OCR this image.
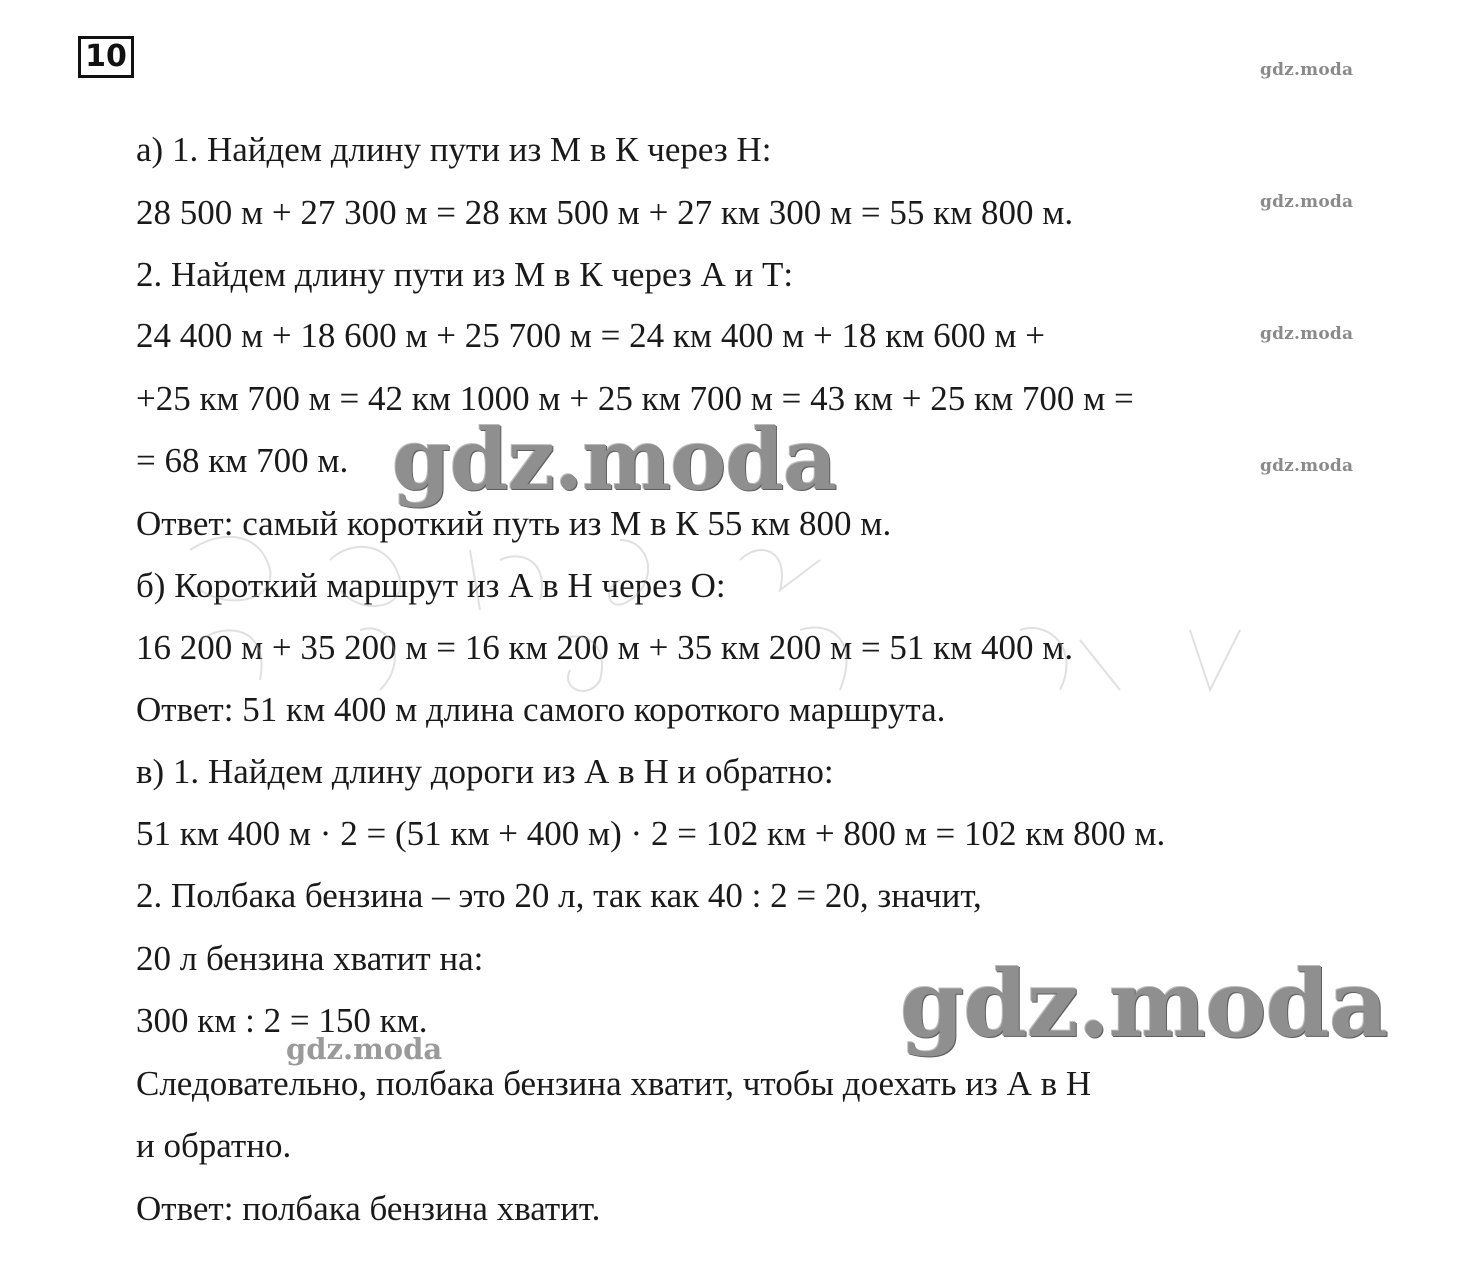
10	gdz.moda
gdz.moda
gdz.moda
gdz.moda
а) 1. Найдем длину пути из М в К через Н:
28 500 м + 27 300 м = 28 км 500 м + 27 км 300 м = 55 км 800 м.
2. Найдем длину пути из М в К через А и Т:
24 400 м + 18 600 м + 25 700 м = 24 км 400 м + 18 км 600 м +
+25 км 700 м = 42 км 1000 м + 25 км 700 м = 43 км + 25 км 700 м =
= 68 км 700 м.
Ответ: самый короткий путь из М в К 55 км 800 м.
б) Короткий маршрут из А в Н через О:
16 200 м + 35 200 м = 16 км 200 м + 35 км 200 м = 51 км 400 м.
Ответ: 51 км 400 м длина самого короткого маршрута.
в) 1. Найдем длину дороги из А в Н и обратно:
51 км 400 м · 2 = (51 км + 400 м) · 2 = 102 км + 800 м = 102 км 800 м.
2. Полбака бензина – это 20 л, так как 40 : 2 = 20, значит,
20 л бензина хватит на:
300 км : 2 = 150 км.
Следовательно, полбака бензина хватит, чтобы доехать из А в Н
и обратно.
Ответ: полбака бензина хватит.
gdz.moda
gdz.moda
gdz.moda
